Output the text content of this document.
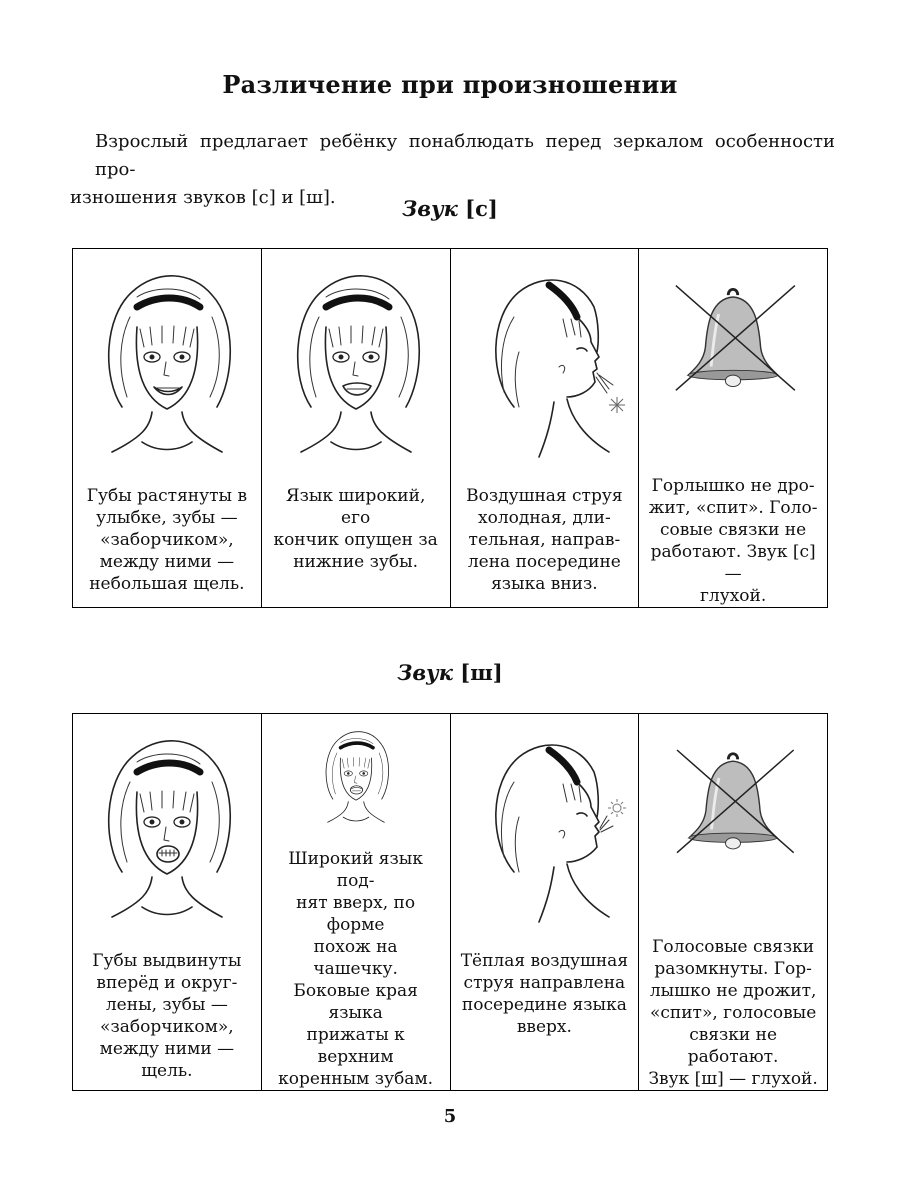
Различение при произношении
Взрослый предлагает ребёнку понаблюдать перед зеркалом особенности про-
изношения звуков [с] и [ш].	Звук [с]
Губы растянуты в
улыбке, зубы —
«заборчиком»,
между ними —
небольшая щель.
Язык широкий, его
кончик опущен за
нижние зубы.
Воздушная струя
холодная, дли-
тельная, направ-
лена посередине
языка вниз.
Горлышко не дро-
жит, «спит». Голо-
совые связки не
работают. Звук [с] —
глухой.
Звук [ш]
Губы выдвинуты
вперёд и округ-
лены, зубы —
«заборчиком»,
между ними —
щель.
Широкий язык под-
нят вверх, по форме
похож на чашечку.
Боковые края языка
прижаты к верхним
коренным зубам.
Тёплая воздушная
струя направлена
посередине языка
вверх.
Голосовые связки
разомкнуты. Гор-
лышко не дрожит,
«спит», голосовые
связки не работают.
Звук [ш] — глухой.
5
